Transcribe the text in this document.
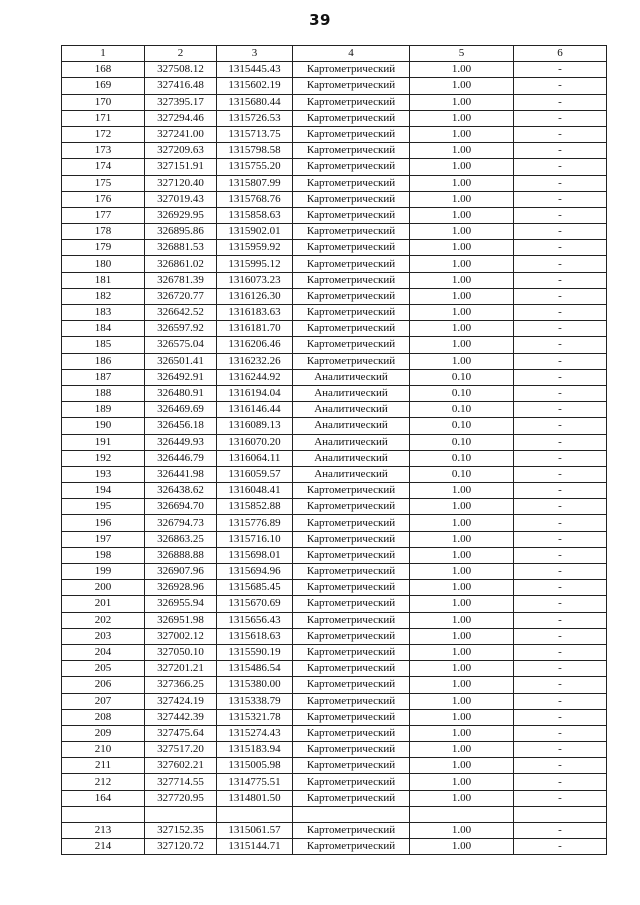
39
1	2	3	4	5	6
168	327508.12	1315445.43	Картометрический	1.00	-
169	327416.48	1315602.19	Картометрический	1.00	-
170	327395.17	1315680.44	Картометрический	1.00	-
171	327294.46	1315726.53	Картометрический	1.00	-
172	327241.00	1315713.75	Картометрический	1.00	-
173	327209.63	1315798.58	Картометрический	1.00	-
174	327151.91	1315755.20	Картометрический	1.00	-
175	327120.40	1315807.99	Картометрический	1.00	-
176	327019.43	1315768.76	Картометрический	1.00	-
177	326929.95	1315858.63	Картометрический	1.00	-
178	326895.86	1315902.01	Картометрический	1.00	-
179	326881.53	1315959.92	Картометрический	1.00	-
180	326861.02	1315995.12	Картометрический	1.00	-
181	326781.39	1316073.23	Картометрический	1.00	-
182	326720.77	1316126.30	Картометрический	1.00	-
183	326642.52	1316183.63	Картометрический	1.00	-
184	326597.92	1316181.70	Картометрический	1.00	-
185	326575.04	1316206.46	Картометрический	1.00	-
186	326501.41	1316232.26	Картометрический	1.00	-
187	326492.91	1316244.92	Аналитический	0.10	-
188	326480.91	1316194.04	Аналитический	0.10	-
189	326469.69	1316146.44	Аналитический	0.10	-
190	326456.18	1316089.13	Аналитический	0.10	-
191	326449.93	1316070.20	Аналитический	0.10	-
192	326446.79	1316064.11	Аналитический	0.10	-
193	326441.98	1316059.57	Аналитический	0.10	-
194	326438.62	1316048.41	Картометрический	1.00	-
195	326694.70	1315852.88	Картометрический	1.00	-
196	326794.73	1315776.89	Картометрический	1.00	-
197	326863.25	1315716.10	Картометрический	1.00	-
198	326888.88	1315698.01	Картометрический	1.00	-
199	326907.96	1315694.96	Картометрический	1.00	-
200	326928.96	1315685.45	Картометрический	1.00	-
201	326955.94	1315670.69	Картометрический	1.00	-
202	326951.98	1315656.43	Картометрический	1.00	-
203	327002.12	1315618.63	Картометрический	1.00	-
204	327050.10	1315590.19	Картометрический	1.00	-
205	327201.21	1315486.54	Картометрический	1.00	-
206	327366.25	1315380.00	Картометрический	1.00	-
207	327424.19	1315338.79	Картометрический	1.00	-
208	327442.39	1315321.78	Картометрический	1.00	-
209	327475.64	1315274.43	Картометрический	1.00	-
210	327517.20	1315183.94	Картометрический	1.00	-
211	327602.21	1315005.98	Картометрический	1.00	-
212	327714.55	1314775.51	Картометрический	1.00	-
164	327720.95	1314801.50	Картометрический	1.00	-

213	327152.35	1315061.57	Картометрический	1.00	-
214	327120.72	1315144.71	Картометрический	1.00	-
